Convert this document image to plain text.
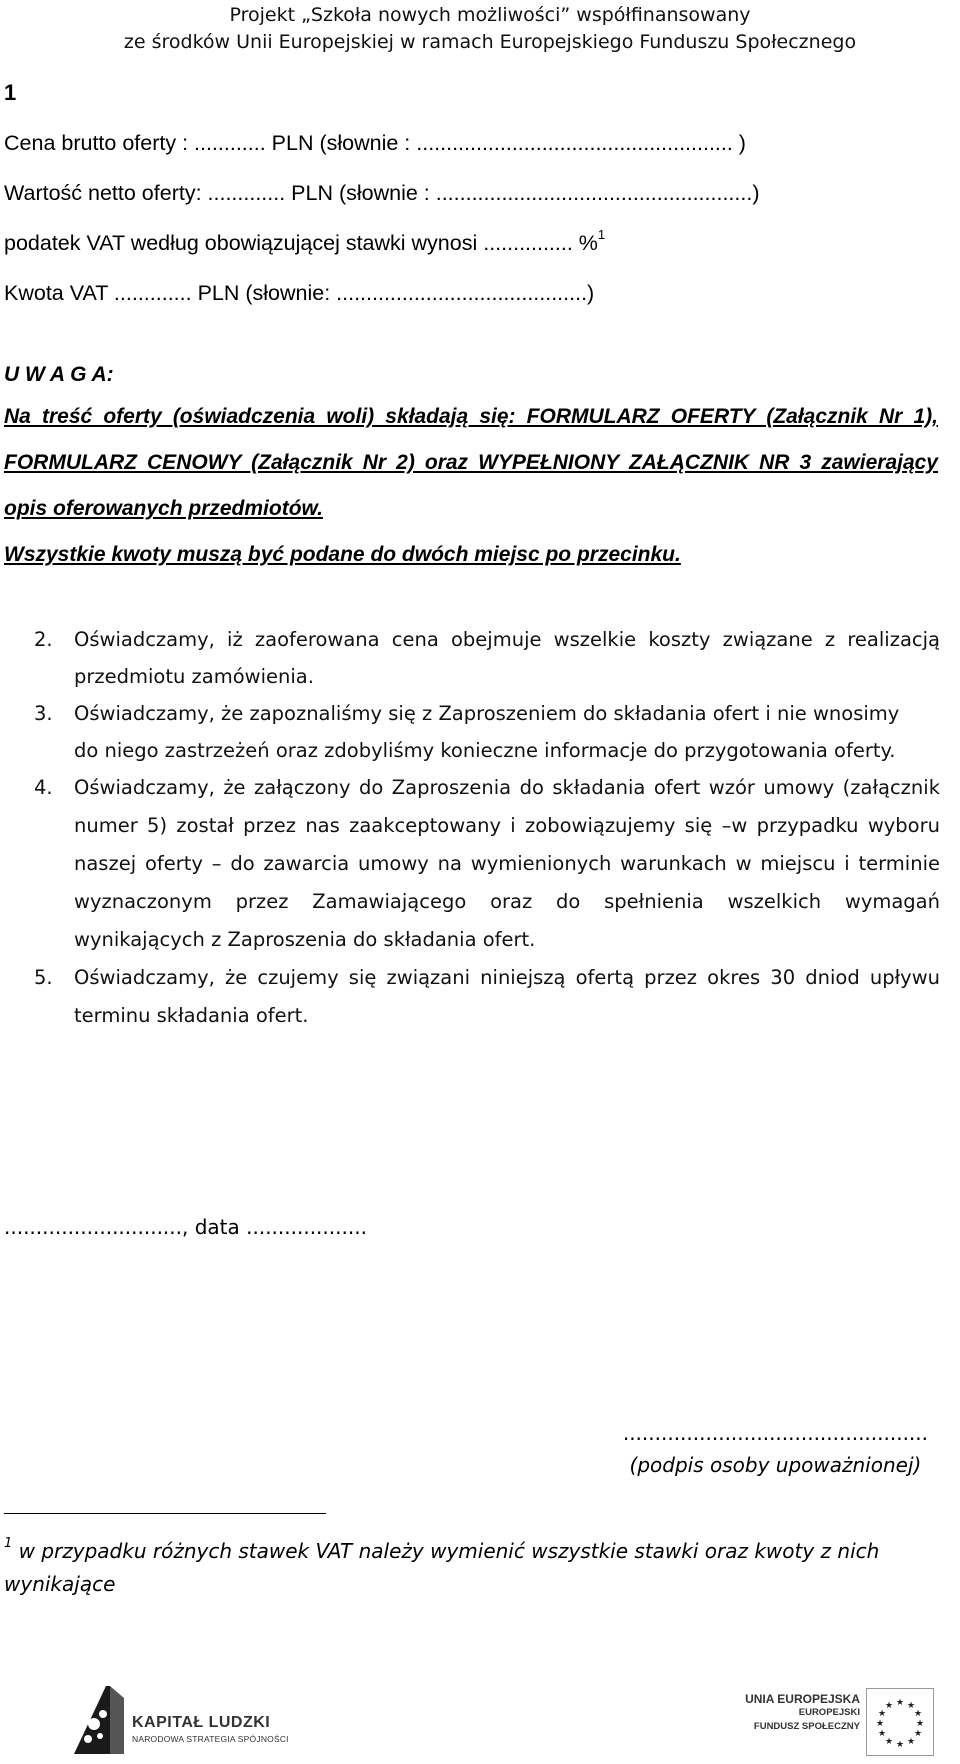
Projekt „Szkoła nowych możliwości” współfinansowany
ze środków Unii Europejskiej w ramach Europejskiego Funduszu Społecznego
1
Cena brutto oferty : ............ PLN (słownie : ..................................................... )
Wartość netto oferty: ............. PLN (słownie : .....................................................)
podatek VAT według obowiązującej stawki wynosi ............... %$^1$
Kwota VAT ............. PLN (słownie: ..........................................)
U W A G A:
Na treść oferty (oświadczenia woli) składają się: FORMULARZ OFERTY (Załącznik Nr 1), FORMULARZ CENOWY (Załącznik Nr 2) oraz WYPEŁNIONY ZAŁĄCZNIK NR 3 zawierający opis oferowanych przedmiotów.
Wszystkie kwoty muszą być podane do dwóch miejsc po przecinku.
2. Oświadczamy, iż zaoferowana cena obejmuje wszelkie koszty związane z realizacją przedmiotu zamówienia.
3. Oświadczamy, że zapoznaliśmy się z Zaproszeniem do składania ofert i nie wnosimy
do niego zastrzeżeń oraz zdobyliśmy konieczne informacje do przygotowania oferty.
4. Oświadczamy, że załączony do Zaproszenia do składania ofert wzór umowy (załącznik numer 5) został przez nas zaakceptowany i zobowiązujemy się –w przypadku wyboru naszej oferty – do zawarcia umowy na wymienionych warunkach w miejscu i terminie wyznaczonym przez Zamawiającego oraz do spełnienia wszelkich wymagań wynikających z Zaproszenia do składania ofert.
5. Oświadczamy, że czujemy się związani niniejszą ofertą przez okres 30 dniod upływu terminu składania ofert.
............................, data ...................
................................................
(podpis osoby upoważnionej)
$^1$ w przypadku różnych stawek VAT należy wymienić wszystkie stawki oraz kwoty z nich wynikające
KAPITAŁ LUDZKI
NARODOWA STRATEGIA SPÓJNOŚCI
UNIA EUROPEJSKA
EUROPEJSKI
FUNDUSZ SPOŁECZNY
★ ★
★
★
★
★
★
★
★
★
★
★
